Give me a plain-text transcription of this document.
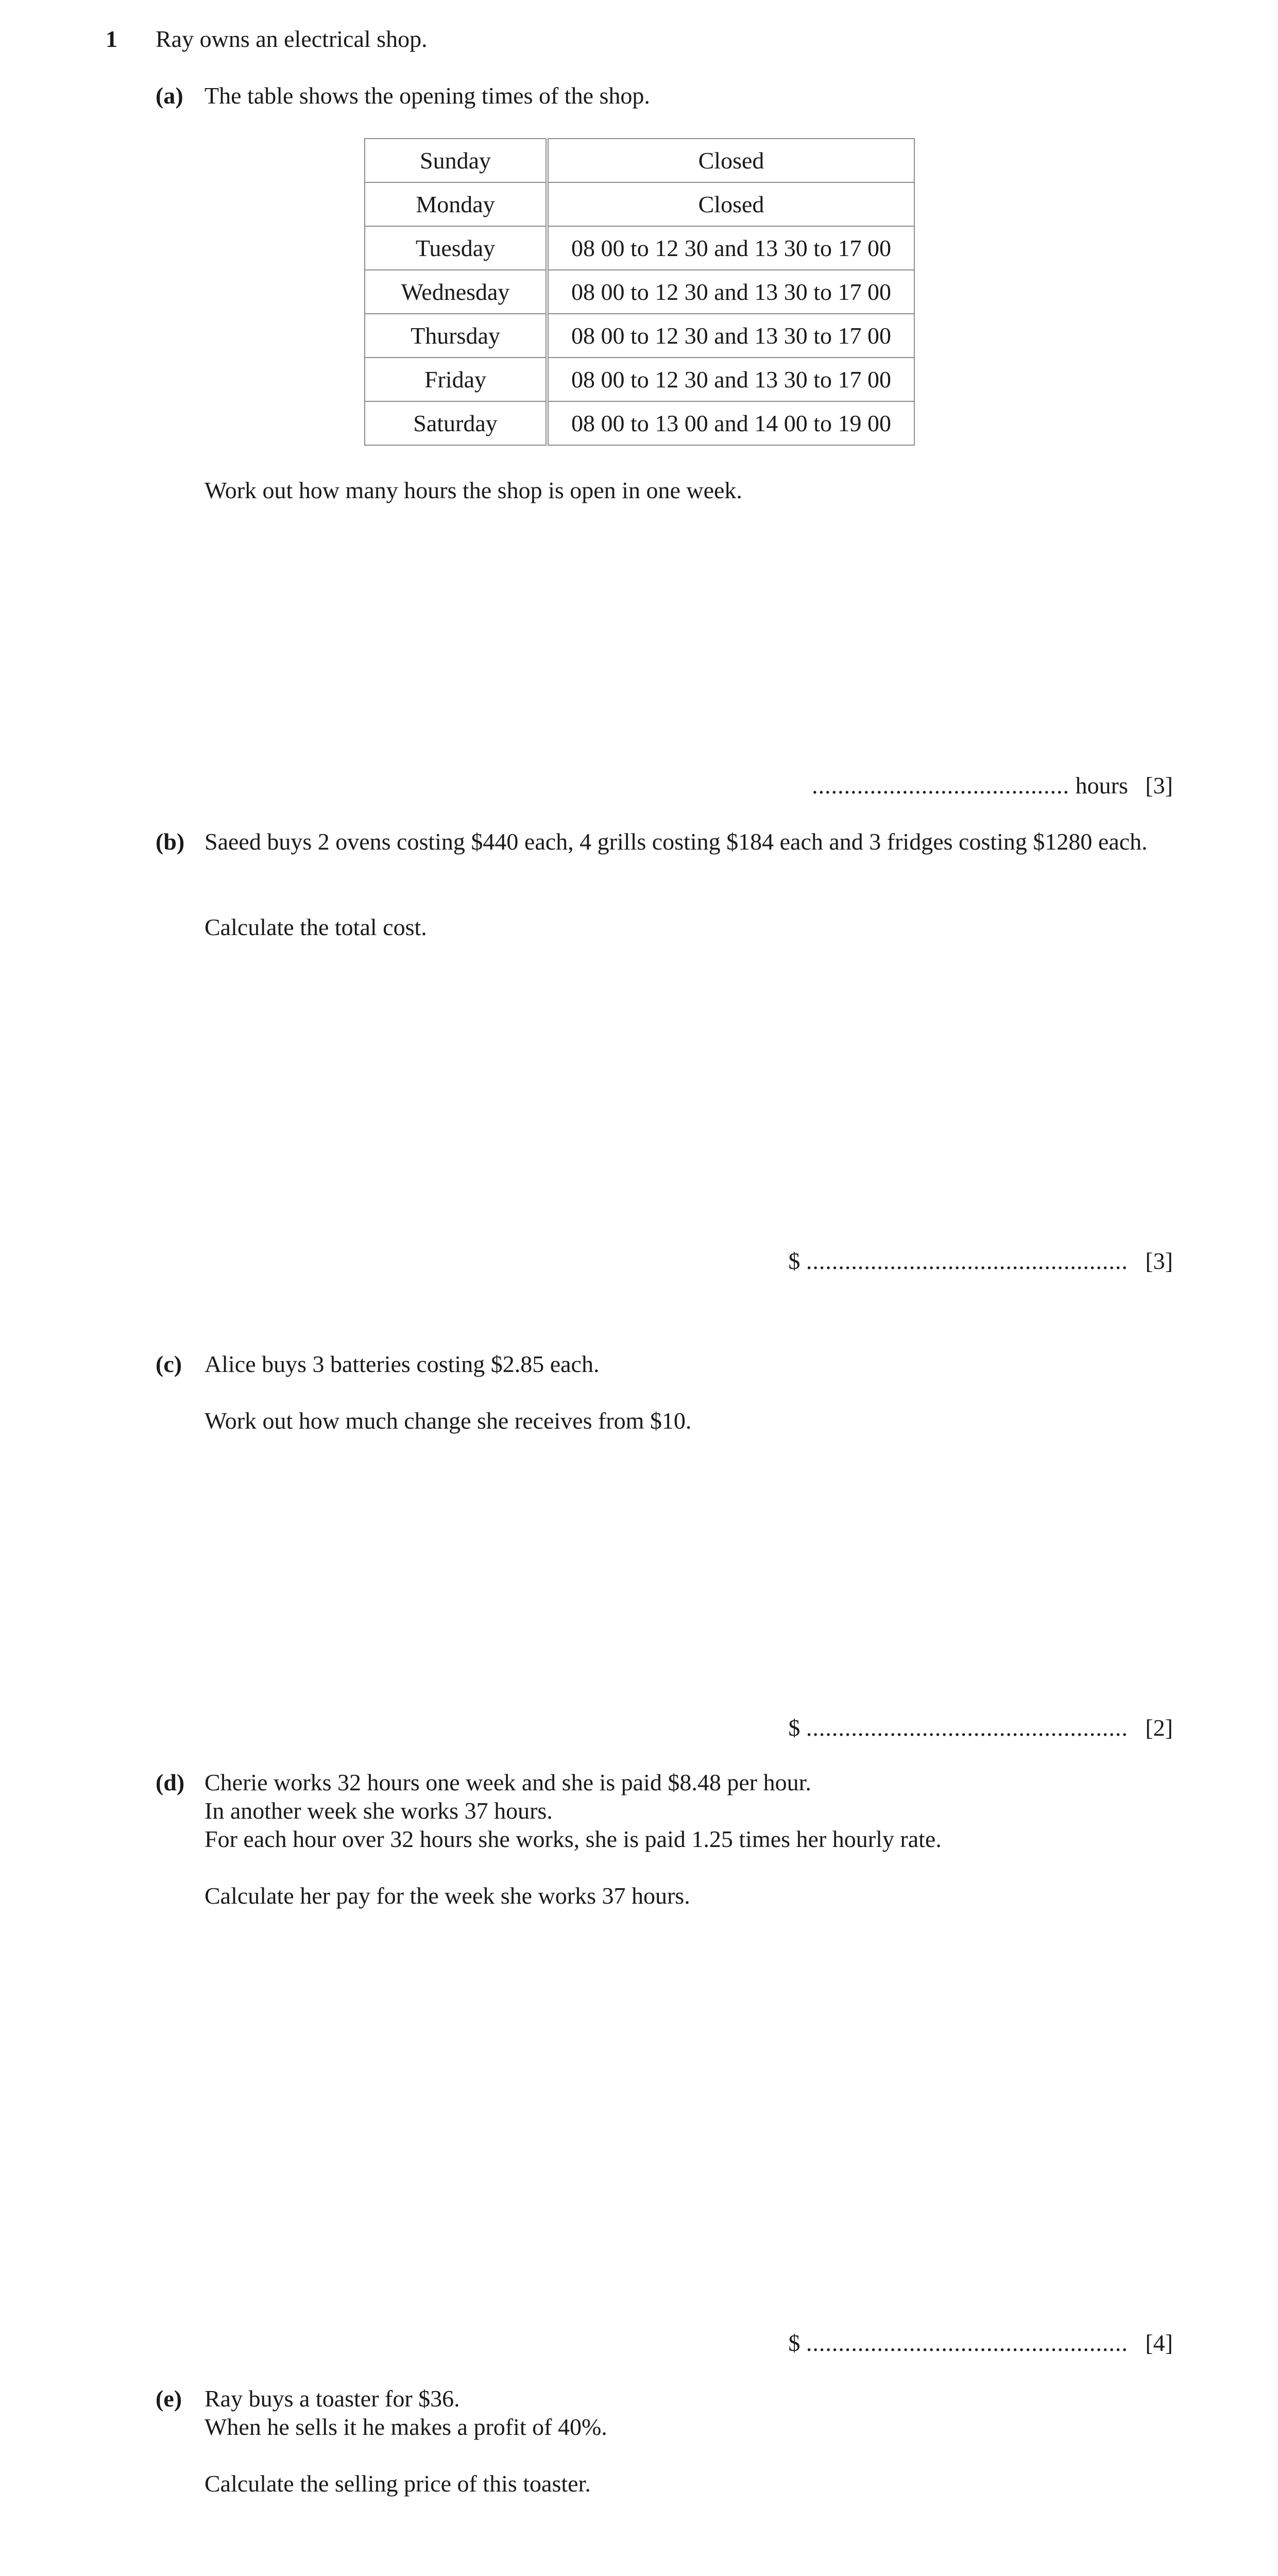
1 Ray owns an electrical shop.
(a) The table shows the opening times of the shop.
Sunday	Closed
Monday	Closed
Tuesday	08 00 to 12 30 and 13 30 to 17 00
Wednesday	08 00 to 12 30 and 13 30 to 17 00
Thursday	08 00 to 12 30 and 13 30 to 17 00
Friday	08 00 to 12 30 and 13 30 to 17 00
Saturday	08 00 to 13 00 and 14 00 to 19 00
Work out how many hours the shop is open in one week.
........................................ hours [3]
(b) Saeed buys 2 ovens costing $440 each, 4 grills costing $184 each and 3 fridges costing $1280 each.
Calculate the total cost.
$ .................................................. [3]
(c) Alice buys 3 batteries costing $2.85 each.
Work out how much change she receives from $10.
$ .................................................. [2]
(d) Cherie works 32 hours one week and she is paid $8.48 per hour.
In another week she works 37 hours.
For each hour over 32 hours she works, she is paid 1.25 times her hourly rate.
Calculate her pay for the week she works 37 hours.
$ .................................................. [4]
(e) Ray buys a toaster for $36.
When he sells it he makes a profit of 40%.
Calculate the selling price of this toaster.
